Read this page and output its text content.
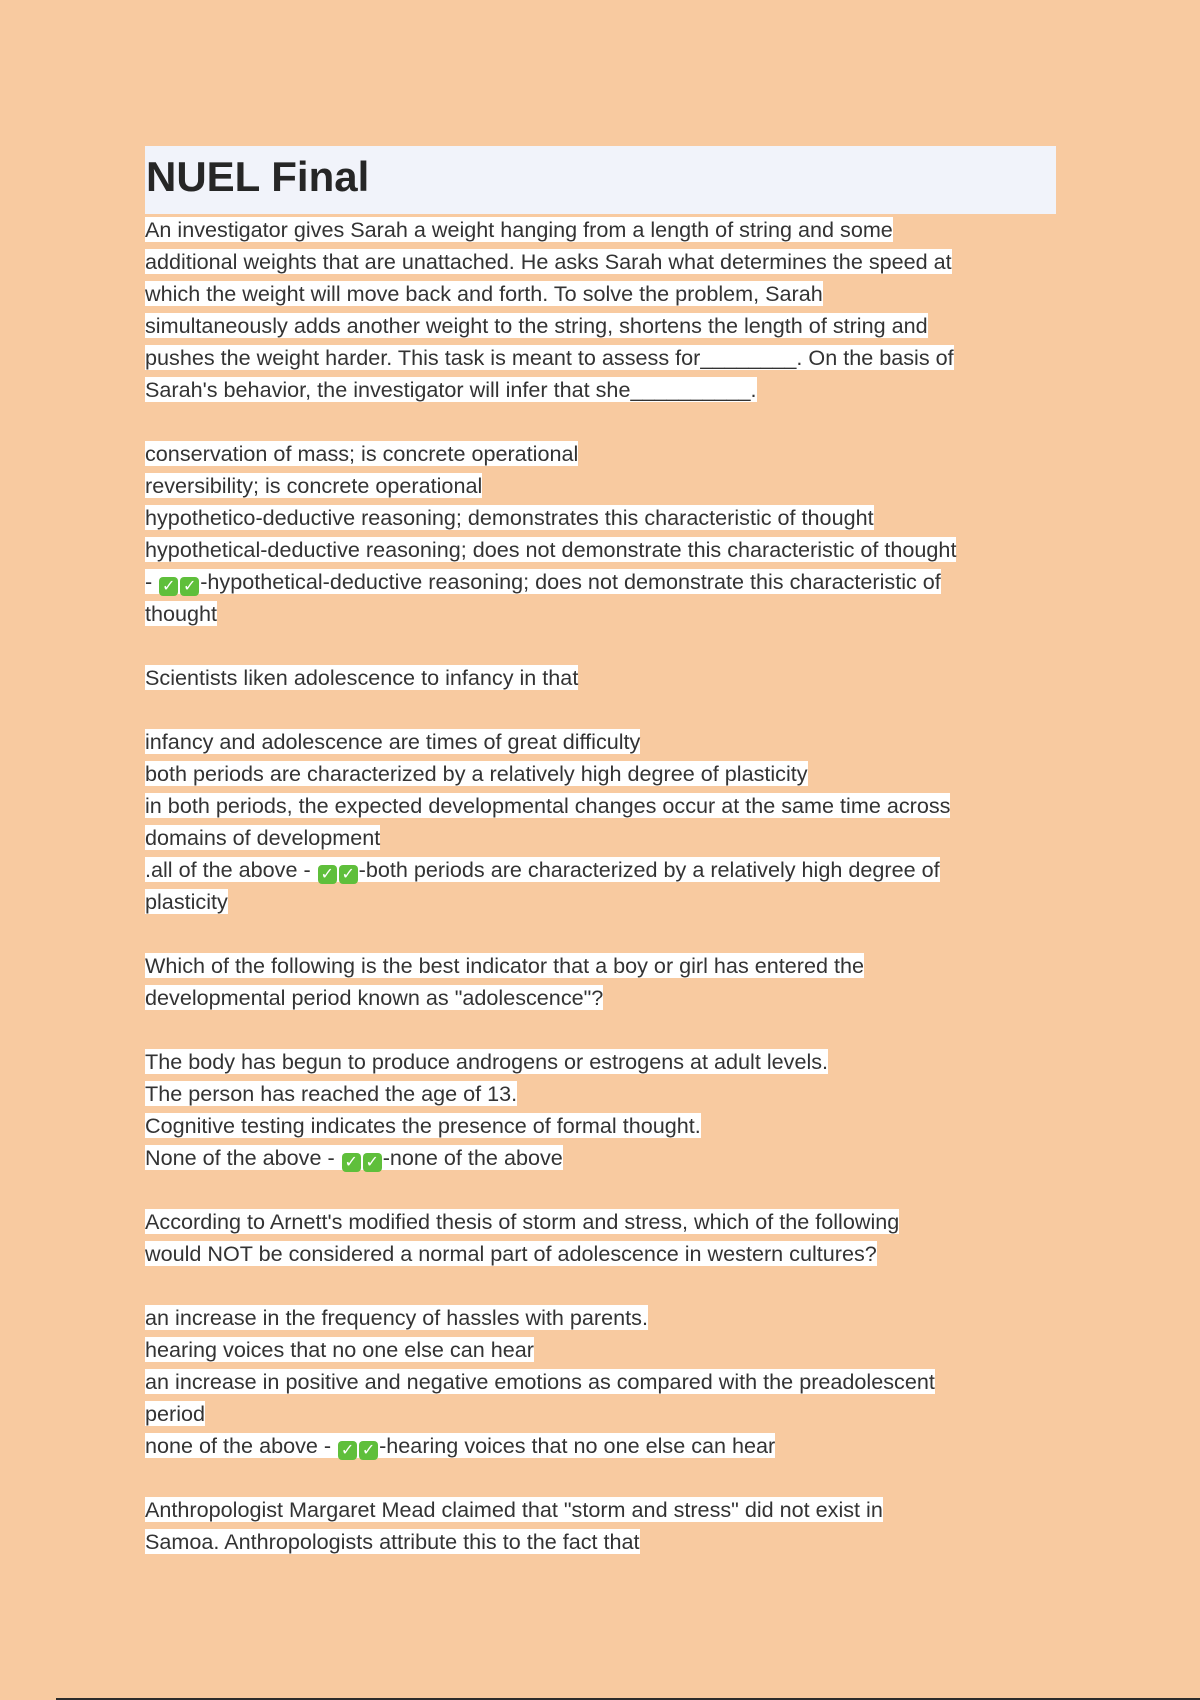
NUEL Final
An investigator gives Sarah a weight hanging from a length of string and some
additional weights that are unattached. He asks Sarah what determines the speed at
which the weight will move back and forth. To solve the problem, Sarah
simultaneously adds another weight to the string, shortens the length of string and
pushes the weight harder. This task is meant to assess for________. On the basis of
Sarah's behavior, the investigator will infer that she__________.
conservation of mass; is concrete operational
reversibility; is concrete operational
hypothetico-deductive reasoning; demonstrates this characteristic of thought
hypothetical-deductive reasoning; does not demonstrate this characteristic of thought
- ✓ ✓ -hypothetical-deductive reasoning; does not demonstrate this characteristic of
thought
Scientists liken adolescence to infancy in that
infancy and adolescence are times of great difficulty
both periods are characterized by a relatively high degree of plasticity
in both periods, the expected developmental changes occur at the same time across
domains of development
.all of the above - ✓ ✓ -both periods are characterized by a relatively high degree of
plasticity
Which of the following is the best indicator that a boy or girl has entered the
developmental period known as "adolescence"?
The body has begun to produce androgens or estrogens at adult levels.
The person has reached the age of 13.
Cognitive testing indicates the presence of formal thought.
None of the above - ✓ ✓ -none of the above
According to Arnett's modified thesis of storm and stress, which of the following
would NOT be considered a normal part of adolescence in western cultures?
an increase in the frequency of hassles with parents.
hearing voices that no one else can hear
an increase in positive and negative emotions as compared with the preadolescent
period
none of the above - ✓ ✓ -hearing voices that no one else can hear
Anthropologist Margaret Mead claimed that "storm and stress" did not exist in
Samoa. Anthropologists attribute this to the fact that
